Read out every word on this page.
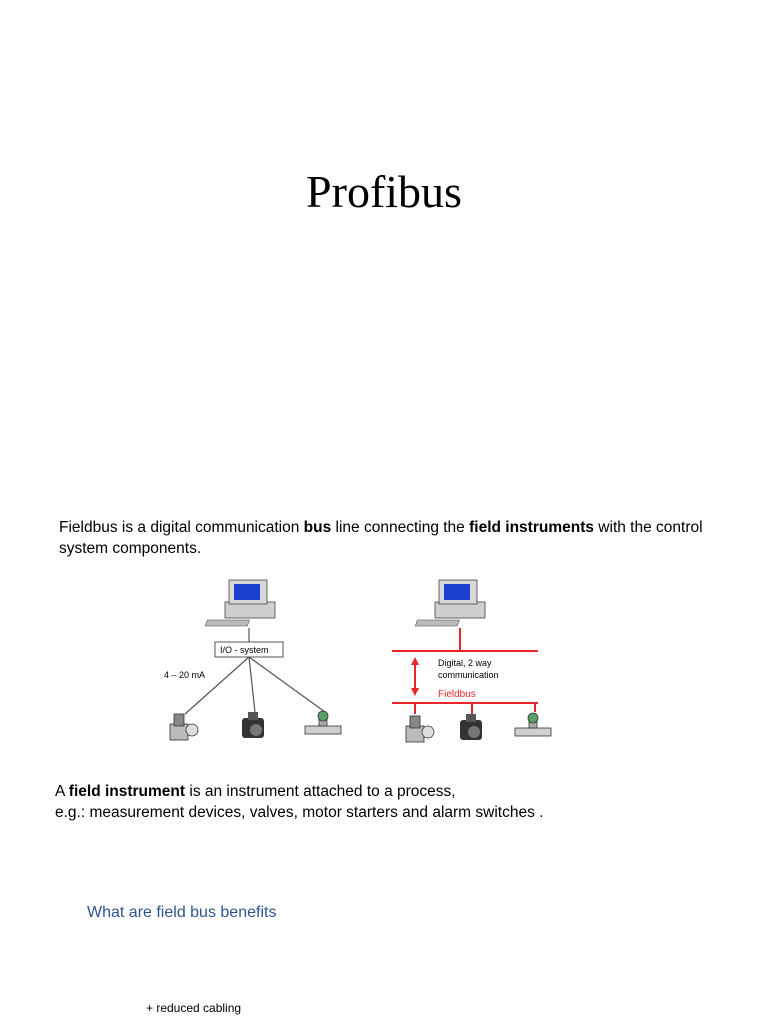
Profibus
Fieldbus is a digital communication bus line connecting the field instruments with the control system components.
I/O - system
4 – 20 mA
Digital, 2 way
communication
Fieldbus
A field instrument is an instrument attached to a process,
e.g.: measurement devices, valves, motor starters and alarm switches .
What are field bus benefits
+ reduced cabling
